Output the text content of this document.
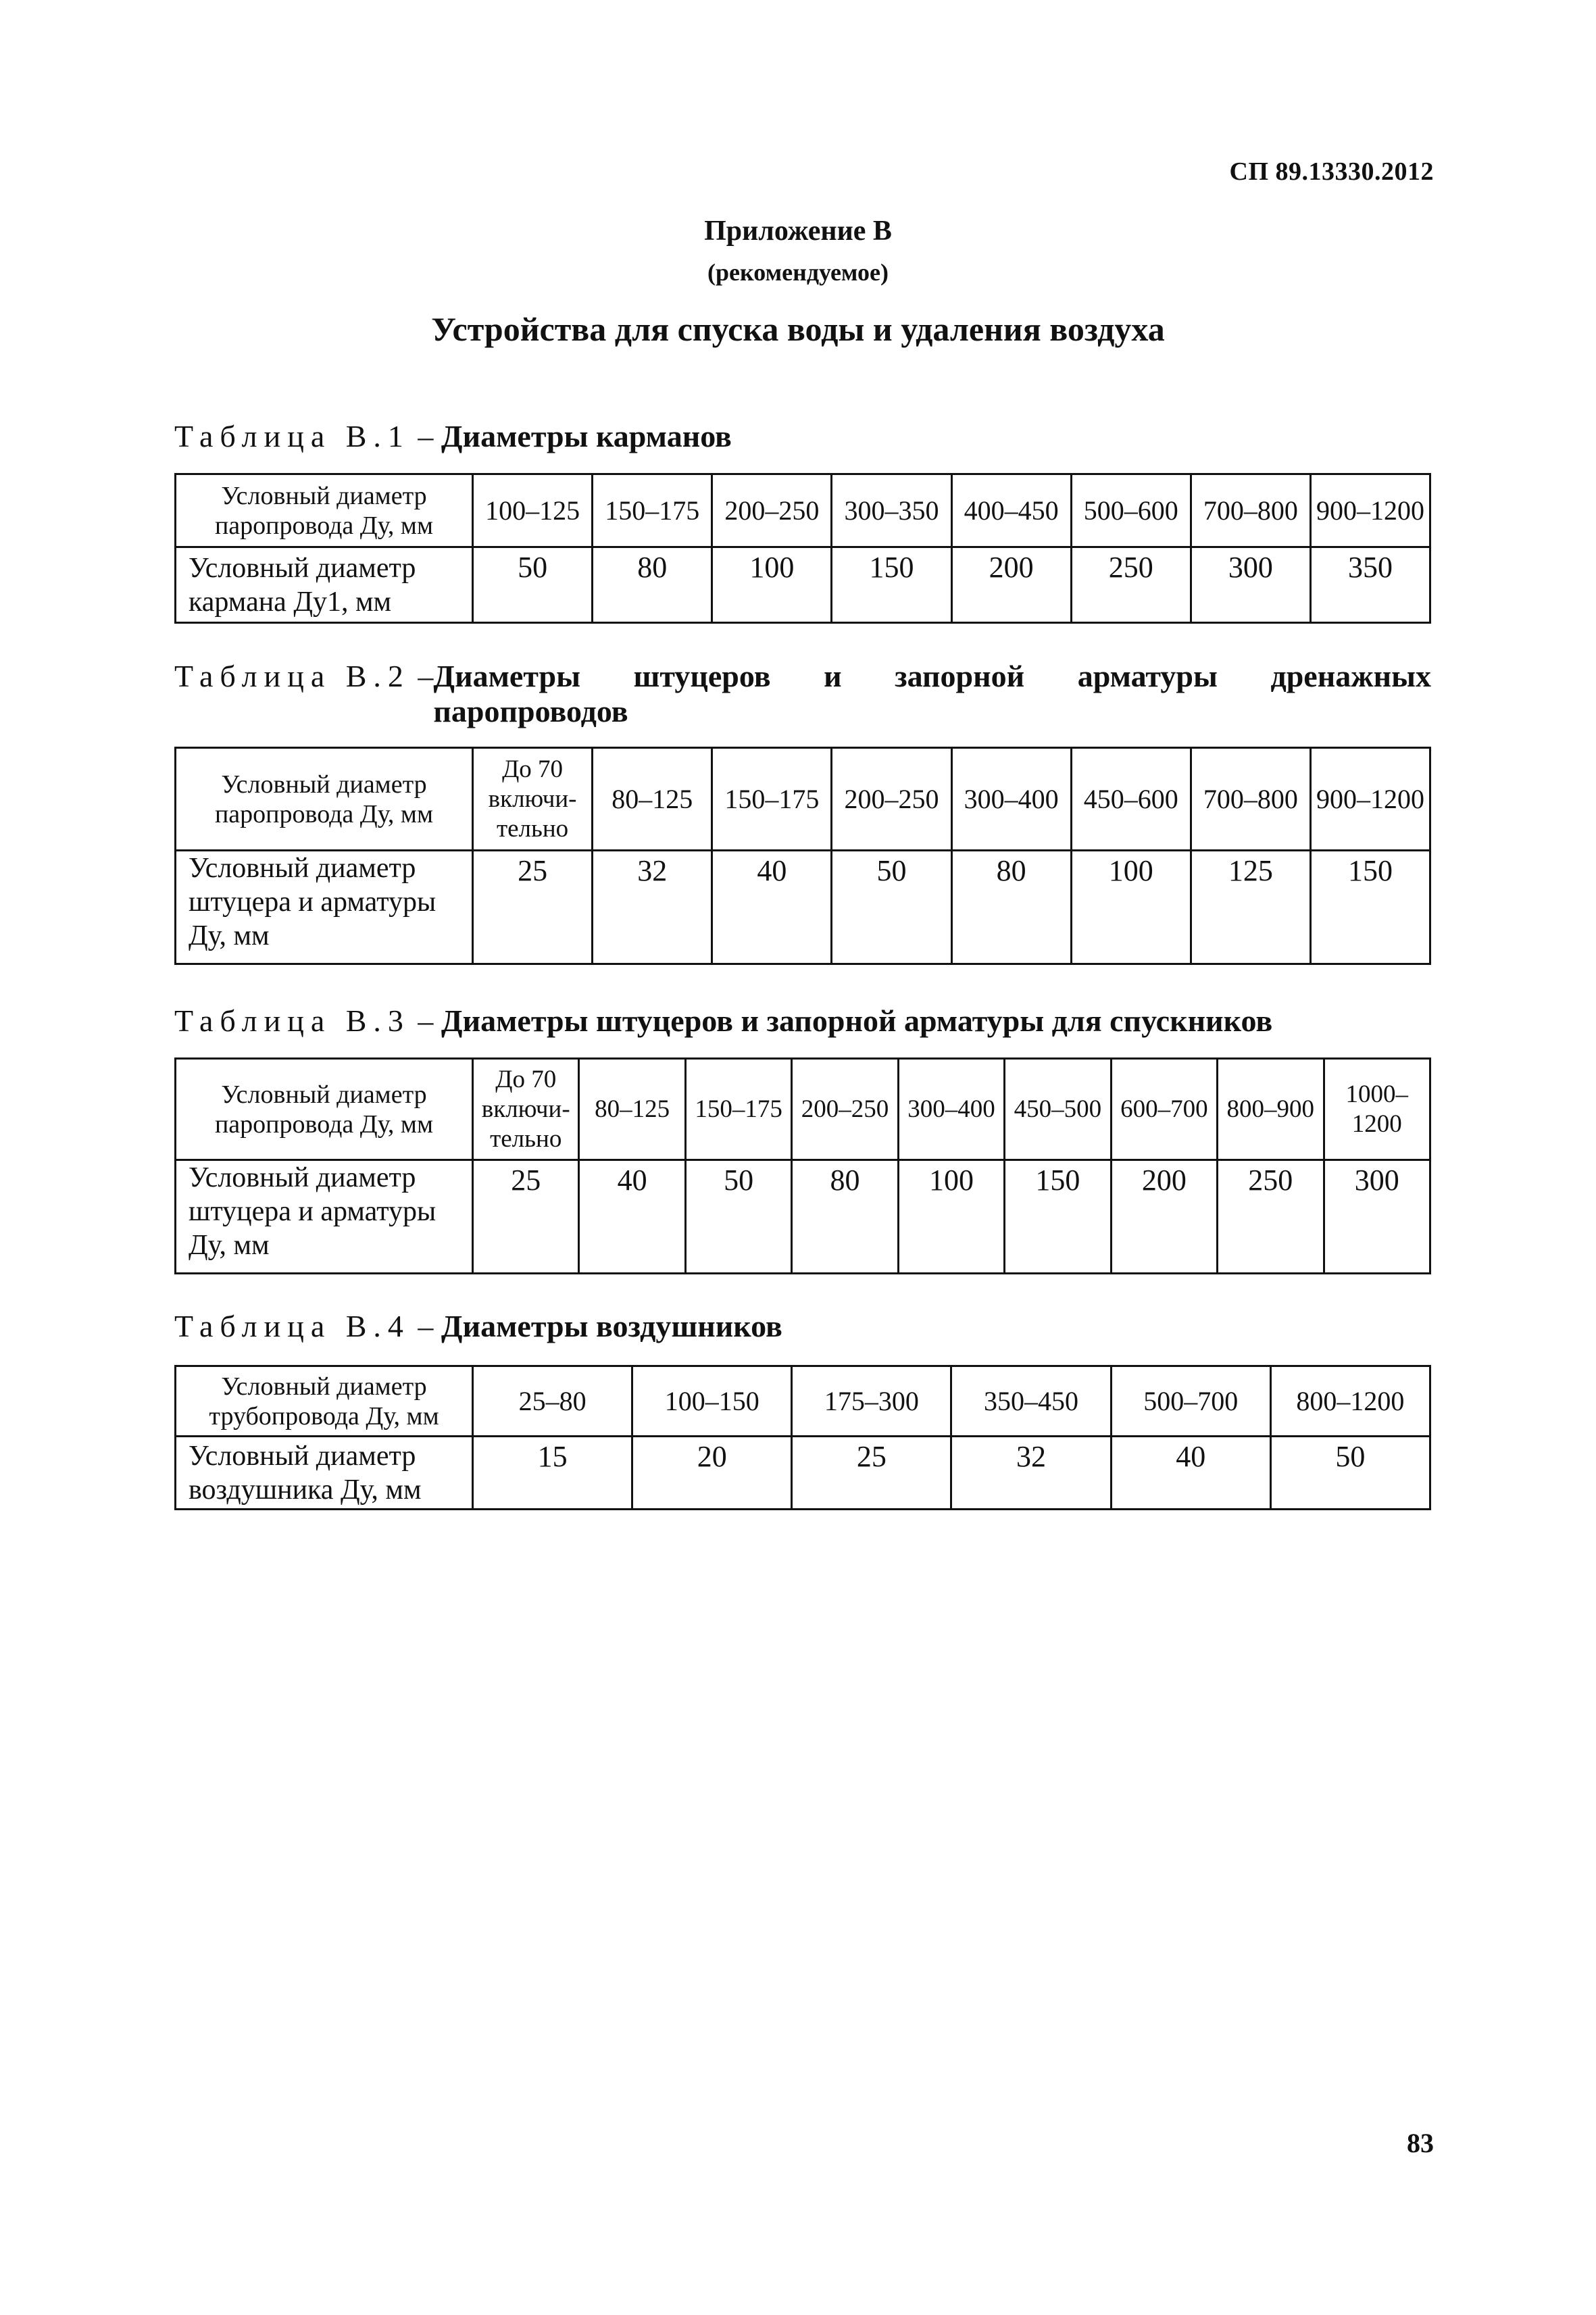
СП 89.13330.2012
Приложение В
(рекомендуемое)
Устройства для спуска воды и удаления воздуха
Таблица В.1 – Диаметры карманов
Условный диаметр паропровода Ду, мм	100–125	150–175	200–250	300–350	400–450	500–600	700–800	900–1200
Условный диаметр кармана Ду1, мм	50	80	100	150	200	250	300	350
Таблица В.2 – Диаметры штуцеров и запорной арматуры дренажных
паропроводов
Условный диаметр паропровода Ду, мм	До 70 включи-тельно	80–125	150–175	200–250	300–400	450–600	700–800	900–1200
Условный диаметр штуцера и арматуры Ду, мм	25	32	40	50	80	100	125	150
Таблица В.3 – Диаметры штуцеров и запорной арматуры для спускников
Условный диаметр паропровода Ду, мм	До 70 включи-тельно	80–125	150–175	200–250	300–400	450–500	600–700	800–900	1000–1200
Условный диаметр штуцера и арматуры Ду, мм	25	40	50	80	100	150	200	250	300
Таблица В.4 – Диаметры воздушников
Условный диаметр трубопровода Ду, мм	25–80	100–150	175–300	350–450	500–700	800–1200
Условный диаметр воздушника Ду, мм	15	20	25	32	40	50
83
